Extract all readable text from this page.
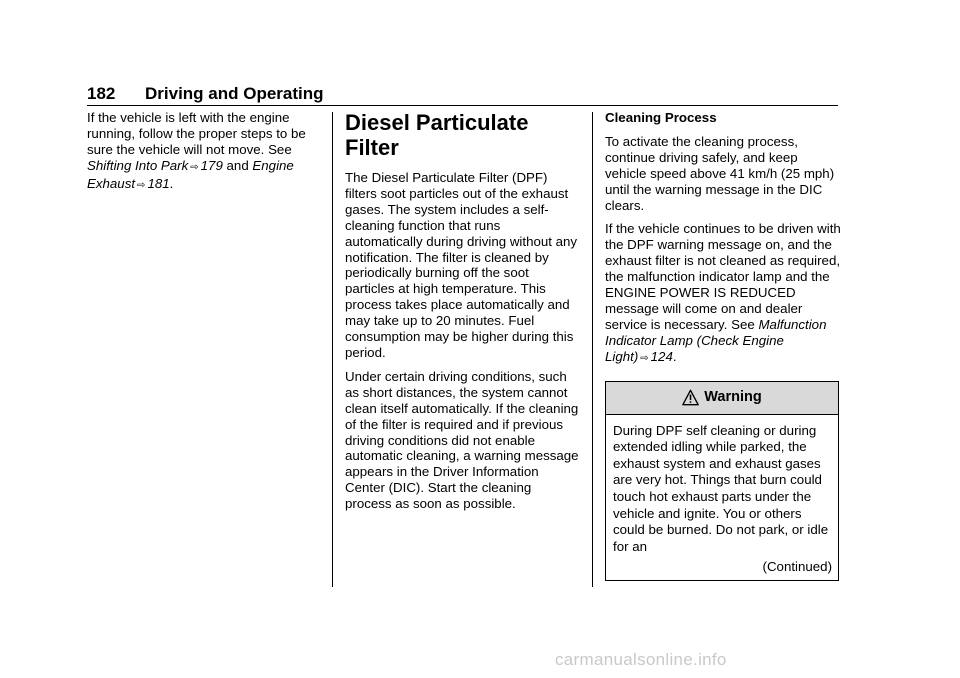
182 Driving and Operating

If the vehicle is left with the engine running, follow the proper steps to be sure the vehicle will not move. See Shifting Into Park ⇨ 179 and Engine Exhaust ⇨ 181.

Diesel Particulate Filter

The Diesel Particulate Filter (DPF) filters soot particles out of the exhaust gases. The system includes a self-cleaning function that runs automatically during driving without any notification. The filter is cleaned by periodically burning off the soot particles at high temperature. This process takes place automatically and may take up to 20 minutes. Fuel consumption may be higher during this period.

Under certain driving conditions, such as short distances, the system cannot clean itself automatically. If the cleaning of the filter is required and if previous driving conditions did not enable automatic cleaning, a warning message appears in the Driver Information Center (DIC). Start the cleaning process as soon as possible.

Cleaning Process

To activate the cleaning process, continue driving safely, and keep vehicle speed above 41 km/h (25 mph) until the warning message in the DIC clears.

If the vehicle continues to be driven with the DPF warning message on, and the exhaust filter is not cleaned as required, the malfunction indicator lamp and the ENGINE POWER IS REDUCED message will come on and dealer service is necessary. See Malfunction Indicator Lamp (Check Engine Light) ⇨ 124.

Warning

During DPF self cleaning or during extended idling while parked, the exhaust system and exhaust gases are very hot. Things that burn could touch hot exhaust parts under the vehicle and ignite. You or others could be burned. Do not park, or idle for an

(Continued)
carmanualsonline.info
